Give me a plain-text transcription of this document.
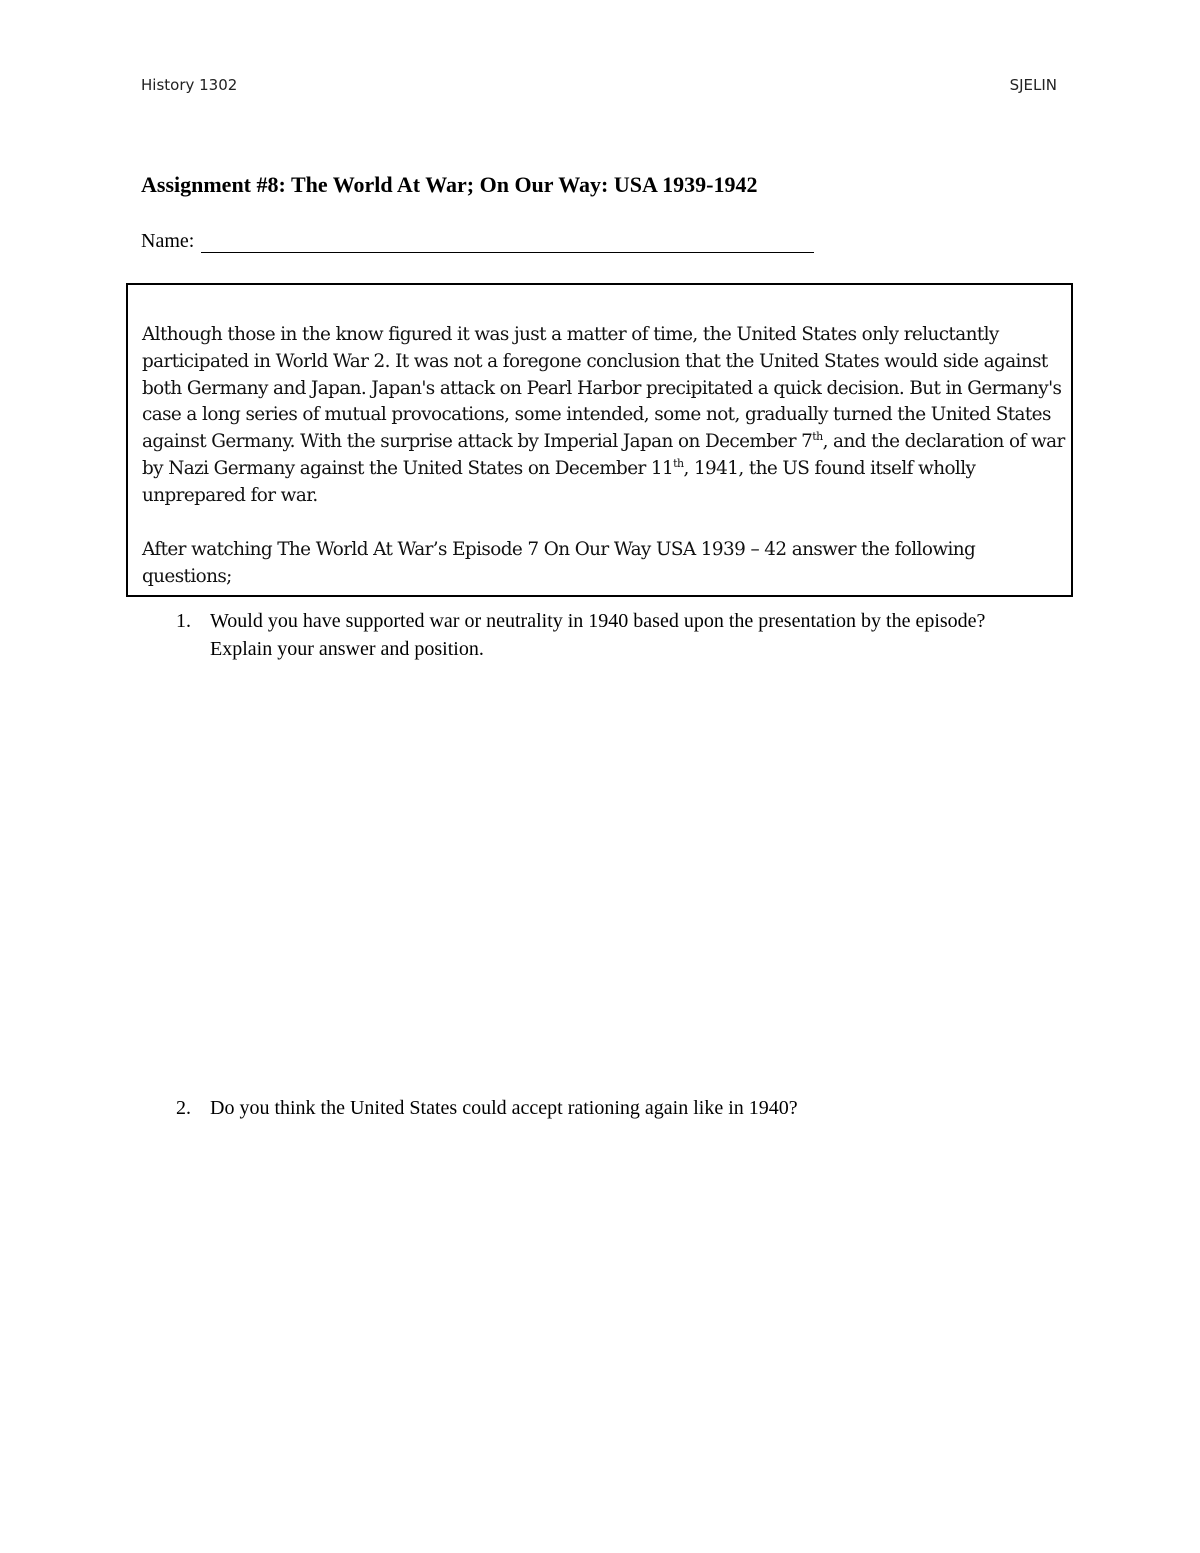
History 1302	SJELIN
Assignment #8: The World At War; On Our Way: USA 1939-1942
Name:

Although those in the know figured it was just a matter of time, the United States only reluctantly participated in World War 2. It was not a foregone conclusion that the United States would side against both Germany and Japan. Japan's attack on Pearl Harbor precipitated a quick decision. But in Germany's case a long series of mutual provocations, some intended, some not, gradually turned the United States against Germany. With the surprise attack by Imperial Japan on December 7th, and the declaration of war by Nazi Germany against the United States on December 11th, 1941, the US found itself wholly unprepared for war.

After watching The World At War’s Episode 7 On Our Way USA 1939 – 42 answer the following questions;

1. Would you have supported war or neutrality in 1940 based upon the presentation by the episode? Explain your answer and position.
2. Do you think the United States could accept rationing again like in 1940?
